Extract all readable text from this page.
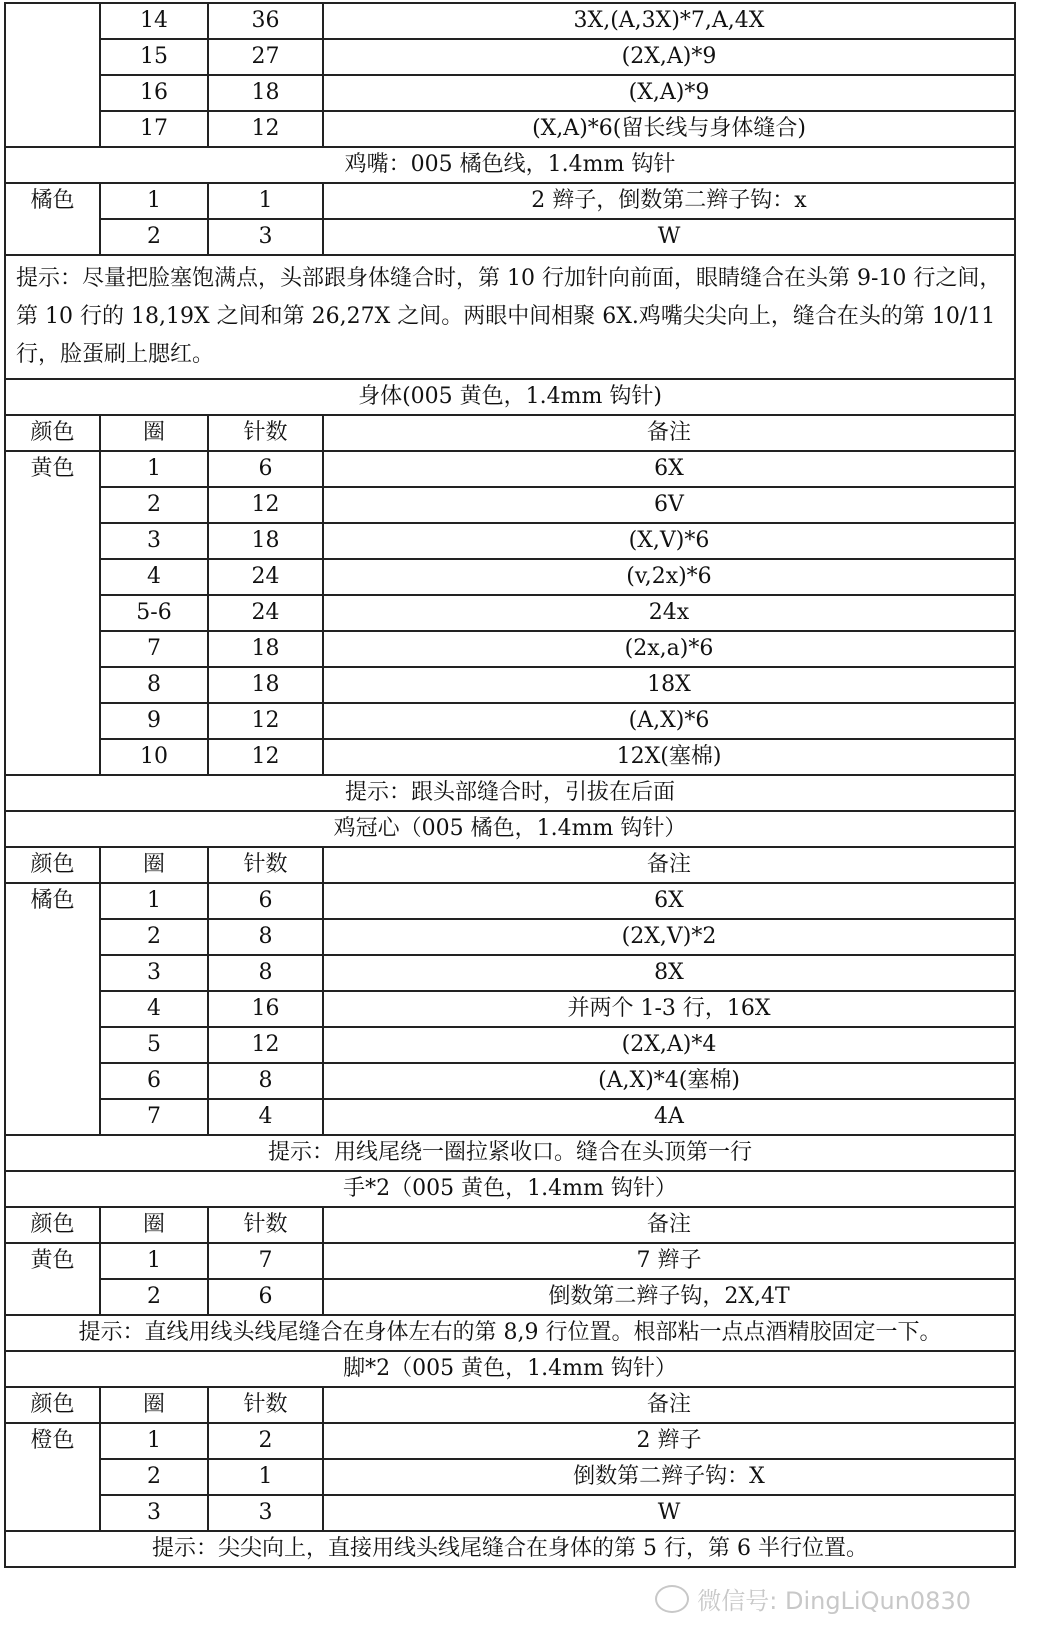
	14	36	3X,(A,3X)*7,A,4X
	15	27	(2X,A)*9
	16	18	(X,A)*9
	17	12	(X,A)*6(留长线与身体缝合)
鸡嘴：005 橘色线，1.4mm 钩针			
橘色	1	1	2 辫子，倒数第二辫子钩：x
	2	3	W
提示：尽量把脸塞饱满点，头部跟身体缝合时，第 10 行加针向前面，眼睛缝合在头第 9-10 行之间，第 10 行的 18,19X 之间和第 26,27X 之间。两眼中间相聚 6X.鸡嘴尖尖向上，缝合在头的第 10/11 行，脸蛋刷上腮红。			
身体(005 黄色，1.4mm 钩针)			
颜色	圈	针数	备注
黄色	1	6	6X
	2	12	6V
	3	18	(X,V)*6
	4	24	(v,2x)*6
	5-6	24	24x
	7	18	(2x,a)*6
	8	18	18X
	9	12	(A,X)*6
	10	12	12X(塞棉)
提示：跟头部缝合时，引拔在后面			
鸡冠心（005 橘色，1.4mm 钩针）			
颜色	圈	针数	备注
橘色	1	6	6X
	2	8	(2X,V)*2
	3	8	8X
	4	16	并两个 1-3 行，16X
	5	12	(2X,A)*4
	6	8	(A,X)*4(塞棉)
	7	4	4A
提示：用线尾绕一圈拉紧收口。缝合在头顶第一行			
手*2（005 黄色，1.4mm 钩针）			
颜色	圈	针数	备注
黄色	1	7	7 辫子
	2	6	倒数第二辫子钩，2X,4T
提示：直线用线头线尾缝合在身体左右的第 8,9 行位置。根部粘一点点酒精胶固定一下。			
脚*2（005 黄色，1.4mm 钩针）			
颜色	圈	针数	备注
橙色	1	2	2 辫子
	2	1	倒数第二辫子钩：X
	3	3	W
提示：尖尖向上，直接用线头线尾缝合在身体的第 5 行，第 6 半行位置。			
微信号: DingLiQun0830
